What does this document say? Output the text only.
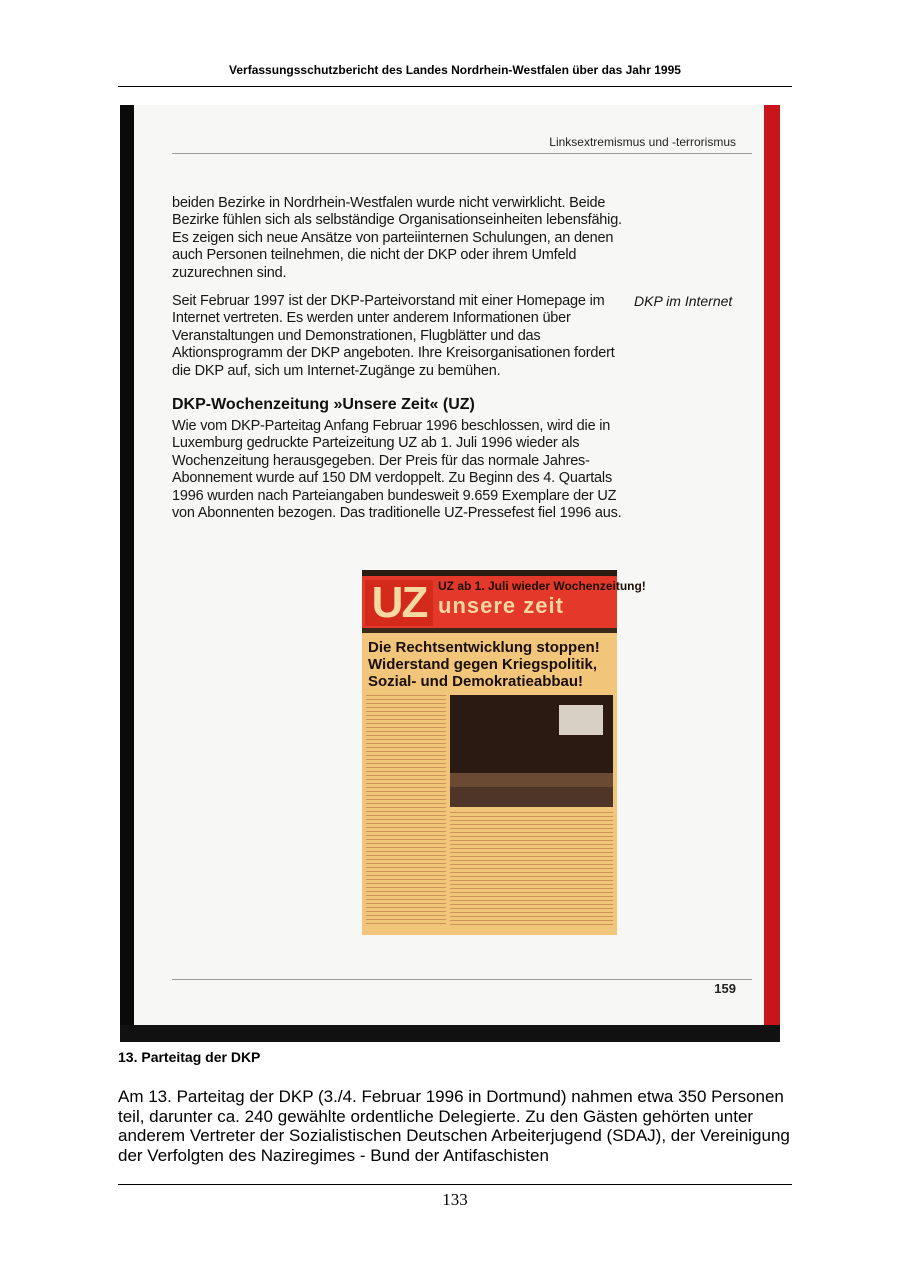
Verfassungsschutzbericht des Landes Nordrhein-Westfalen über das Jahr 1995
Linksextremismus und -terrorismus

beiden Bezirke in Nordrhein-Westfalen wurde nicht verwirklicht. Beide Bezirke fühlen sich als selbständige Organisationseinheiten lebensfähig. Es zeigen sich neue Ansätze von parteiinternen Schulungen, an denen auch Personen teilnehmen, die nicht der DKP oder ihrem Umfeld zuzurechnen sind.

Seit Februar 1997 ist der DKP-Parteivorstand mit einer Homepage im Internet vertreten. Es werden unter anderem Informationen über Veranstaltungen und Demonstrationen, Flugblätter und das Aktionsprogramm der DKP angeboten. Ihre Kreisorganisationen fordert die DKP auf, sich um Internet-Zugänge zu bemühen.

DKP im Internet
DKP-Wochenzeitung »Unsere Zeit« (UZ)

Wie vom DKP-Parteitag Anfang Februar 1996 beschlossen, wird die in Luxemburg gedruckte Parteizeitung UZ ab 1. Juli 1996 wieder als Wochenzeitung herausgegeben. Der Preis für das normale Jahres-Abonnement wurde auf 150 DM verdoppelt. Zu Beginn des 4. Quartals 1996 wurden nach Parteiangaben bundesweit 9.659 Exemplare der UZ von Abonnenten bezogen. Das traditionelle UZ-Pressefest fiel 1996 aus.

UZ UZ ab 1. Juli wieder Wochenzeitung!
unsere zeit
Die Rechtsentwicklung stoppen! Widerstand gegen Kriegspolitik, Sozial- und Demokratieabbau!
159
13. Parteitag der DKP
Am 13. Parteitag der DKP (3./4. Februar 1996 in Dortmund) nahmen etwa 350 Personen teil, darunter ca. 240 gewählte ordentliche Delegierte. Zu den Gästen gehörten unter anderem Vertreter der Sozialistischen Deutschen Arbeiterjugend (SDAJ), der Vereinigung der Verfolgten des Naziregimes - Bund der Antifaschisten
133
